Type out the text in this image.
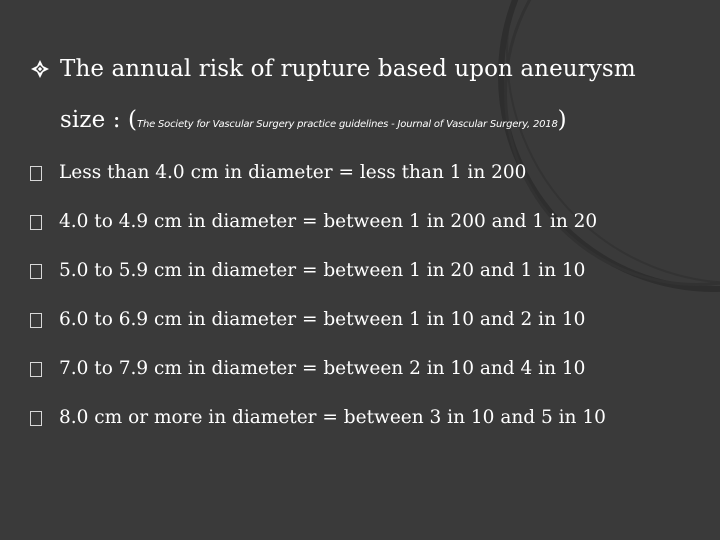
The annual risk of rupture based upon aneurysm
size : (The Society for Vascular Surgery practice guidelines - Journal of Vascular Surgery, 2018)
Less than 4.0 cm in diameter = less than 1 in 200
4.0 to 4.9 cm in diameter = between 1 in 200 and 1 in 20
5.0 to 5.9 cm in diameter = between 1 in 20 and 1 in 10
6.0 to 6.9 cm in diameter = between 1 in 10 and 2 in 10
7.0 to 7.9 cm in diameter = between 2 in 10 and 4 in 10
8.0 cm or more in diameter = between 3 in 10 and 5 in 10
